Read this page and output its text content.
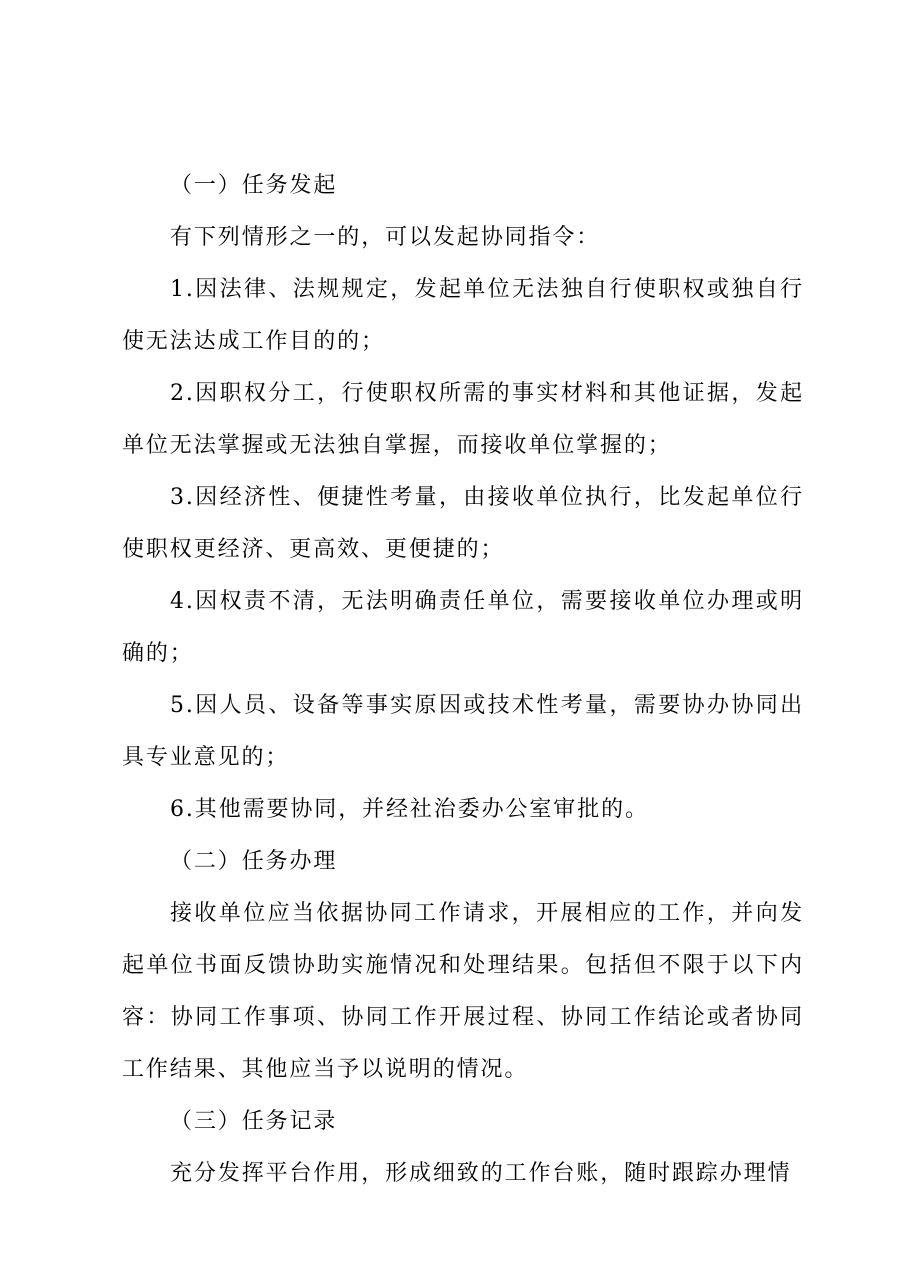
（一）任务发起

有下列情形之一的，可以发起协同指令：

1.因法律、法规规定，发起单位无法独自行使职权或独自行使无法达成工作目的的；

2.因职权分工，行使职权所需的事实材料和其他证据，发起单位无法掌握或无法独自掌握，而接收单位掌握的；

3.因经济性、便捷性考量，由接收单位执行，比发起单位行使职权更经济、更高效、更便捷的；

4.因权责不清，无法明确责任单位，需要接收单位办理或明确的；

5.因人员、设备等事实原因或技术性考量，需要协办协同出具专业意见的；

6.其他需要协同，并经社治委办公室审批的。

（二）任务办理

接收单位应当依据协同工作请求，开展相应的工作，并向发起单位书面反馈协助实施情况和处理结果。包括但不限于以下内容：协同工作事项、协同工作开展过程、协同工作结论或者协同工作结果、其他应当予以说明的情况。

（三）任务记录

充分发挥平台作用，形成细致的工作台账，随时跟踪办理情
